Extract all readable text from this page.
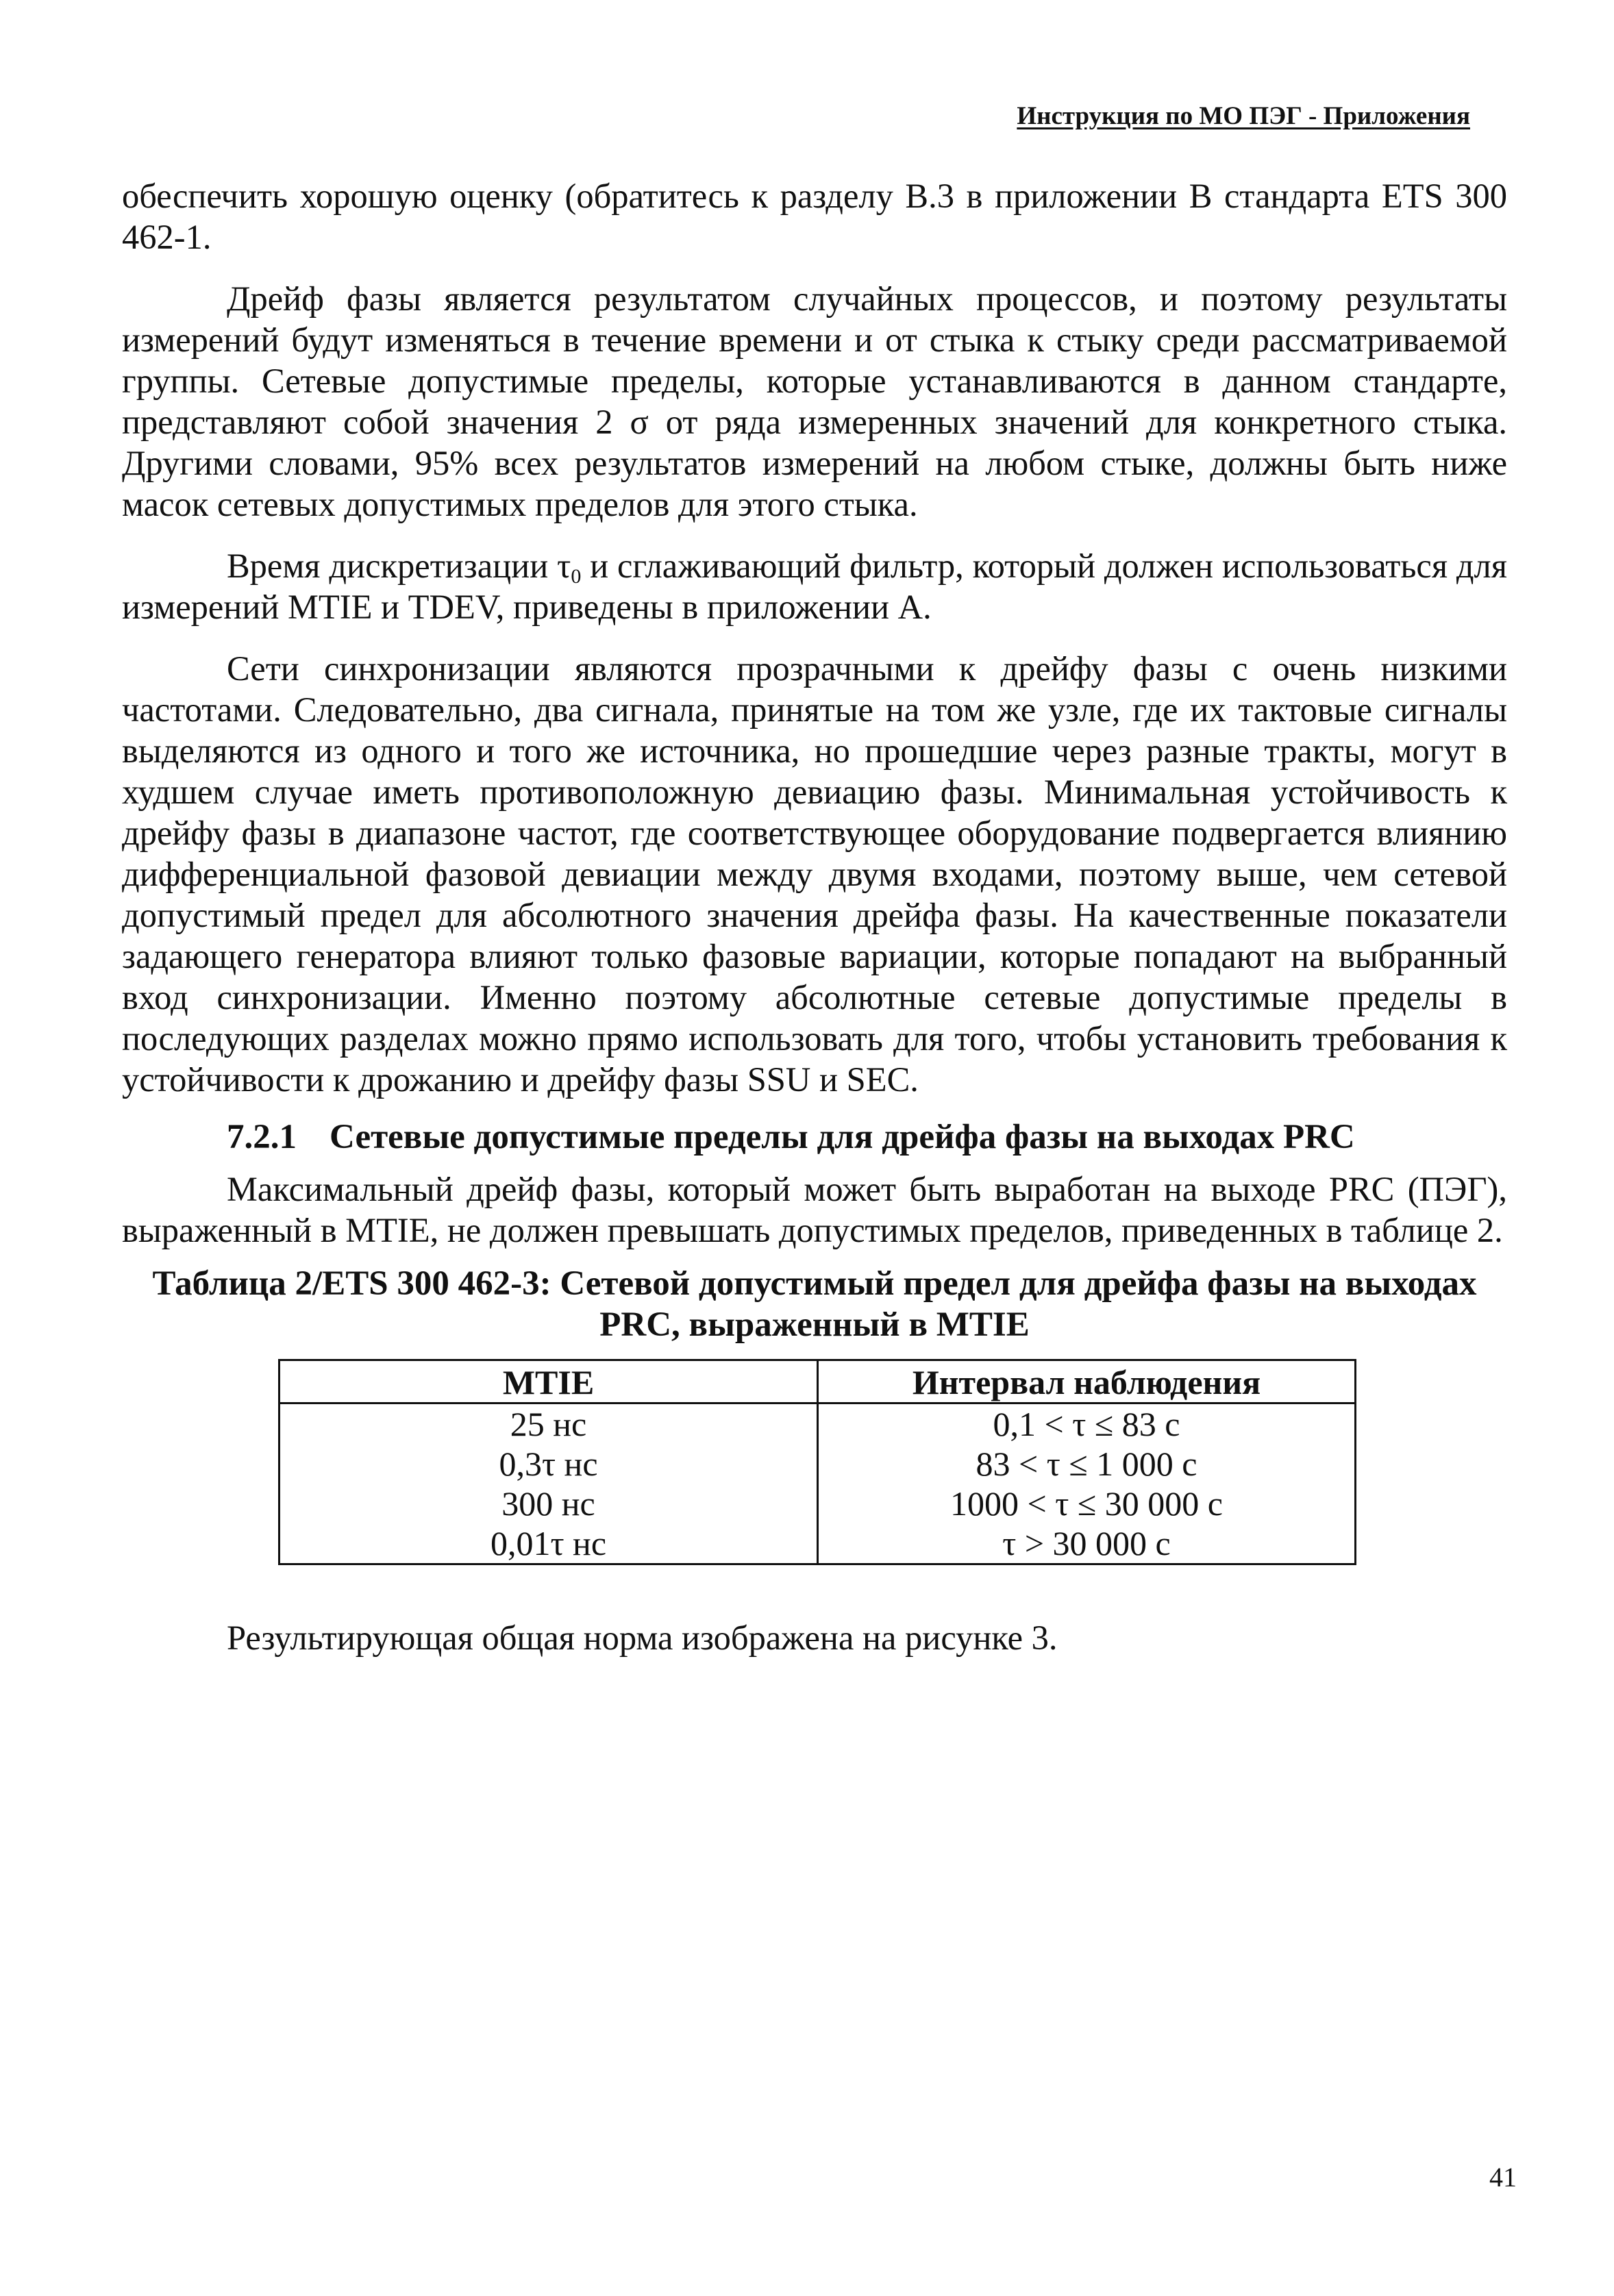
Инструкция по МО ПЭГ - Приложения

обеспечить хорошую оценку (обратитесь к разделу В.3 в приложении В стандарта ETS 300 462-1.

Дрейф фазы является результатом случайных процессов, и поэтому результаты измерений будут изменяться в течение времени и от стыка к стыку среди рассматриваемой группы. Сетевые допустимые пределы, которые устанавливаются в данном стандарте, представляют собой значения 2 σ от ряда измеренных значений для конкретного стыка. Другими словами, 95% всех результатов измерений на любом стыке, должны быть ниже масок сетевых допустимых пределов для этого стыка.

Время дискретизации $\tau_0$ и сглаживающий фильтр, который должен использоваться для измерений MTIE и TDEV, приведены в приложении А.

Сети синхронизации являются прозрачными к дрейфу фазы с очень низкими частотами. Следовательно, два сигнала, принятые на том же узле, где их тактовые сигналы выделяются из одного и того же источника, но прошедшие через разные тракты, могут в худшем случае иметь противоположную девиацию фазы. Минимальная устойчивость к дрейфу фазы в диапазоне частот, где соответствующее оборудование подвергается влиянию дифференциальной фазовой девиации между двумя входами, поэтому выше, чем сетевой допустимый предел для абсолютного значения дрейфа фазы. На качественные показатели задающего генератора влияют только фазовые вариации, которые попадают на выбранный вход синхронизации. Именно поэтому абсолютные сетевые допустимые пределы в последующих разделах можно прямо использовать для того, чтобы установить требования к устойчивости к дрожанию и дрейфу фазы SSU и SEC.

7.2.1 Сетевые допустимые пределы для дрейфа фазы на выходах PRC

Максимальный дрейф фазы, который может быть выработан на выходе PRC (ПЭГ), выраженный в MTIE, не должен превышать допустимых пределов, приведенных в таблице 2.

Таблица 2/ETS 300 462-3: Сетевой допустимый предел для дрейфа фазы на выходах
PRC, выраженный в MTIE
MTIE	Интервал наблюдения
25 нс	0,1 < τ ≤ 83 с
0,3τ нс	83 < τ ≤ 1 000 с
300 нс	1000 < τ ≤ 30 000 с
0,01τ нс	τ > 30 000 с

Результирующая общая норма изображена на рисунке 3.

41
